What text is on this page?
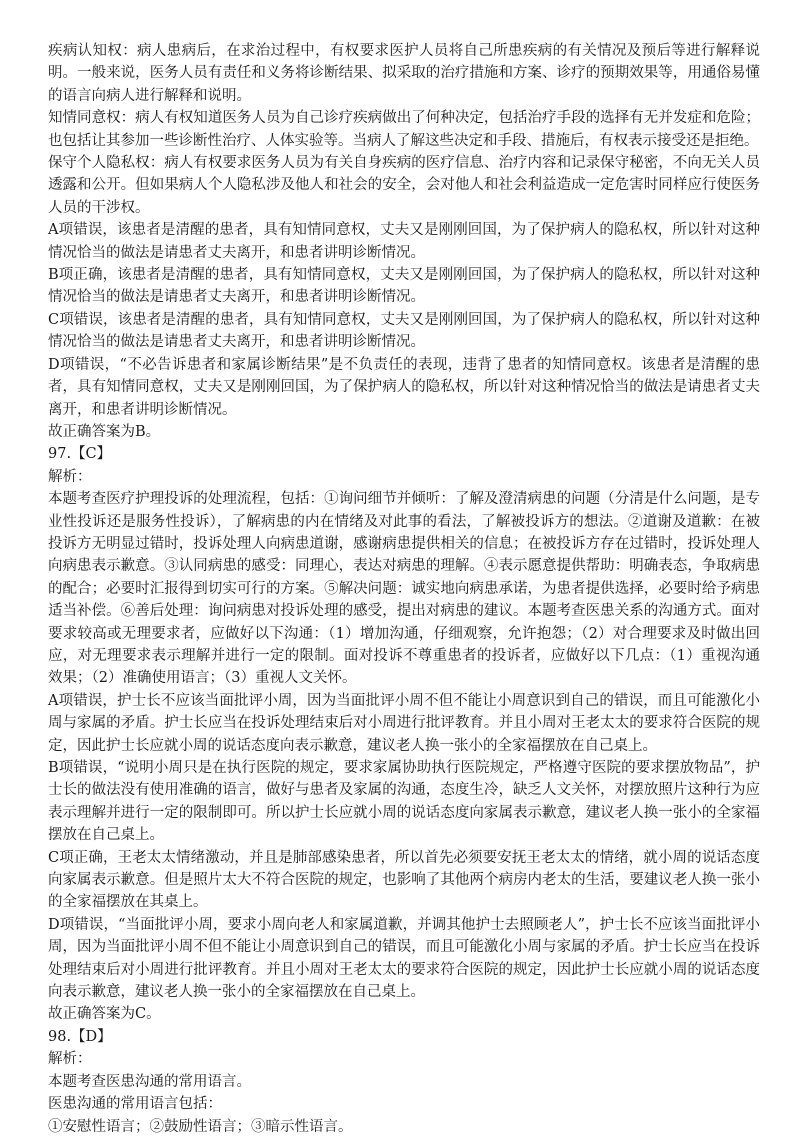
疾病认知权：病人患病后，在求治过程中，有权要求医护人员将自己所患疾病的有关情况及预后等进行解释说明。一般来说，医务人员有责任和义务将诊断结果、拟采取的治疗措施和方案、诊疗的预期效果等，用通俗易懂的语言向病人进行解释和说明。

知情同意权：病人有权知道医务人员为自己诊疗疾病做出了何种决定，包括治疗手段的选择有无并发症和危险；也包括让其参加一些诊断性治疗、人体实验等。当病人了解这些决定和手段、措施后，有权表示接受还是拒绝。

保守个人隐私权：病人有权要求医务人员为有关自身疾病的医疗信息、治疗内容和记录保守秘密，不向无关人员透露和公开。但如果病人个人隐私涉及他人和社会的安全，会对他人和社会利益造成一定危害时同样应行使医务人员的干涉权。

A项错误，该患者是清醒的患者，具有知情同意权，丈夫又是刚刚回国，为了保护病人的隐私权，所以针对这种情况恰当的做法是请患者丈夫离开，和患者讲明诊断情况。

B项正确，该患者是清醒的患者，具有知情同意权，丈夫又是刚刚回国，为了保护病人的隐私权，所以针对这种情况恰当的做法是请患者丈夫离开，和患者讲明诊断情况。

C项错误，该患者是清醒的患者，具有知情同意权，丈夫又是刚刚回国，为了保护病人的隐私权，所以针对这种情况恰当的做法是请患者丈夫离开，和患者讲明诊断情况。

D项错误，“不必告诉患者和家属诊断结果”是不负责任的表现，违背了患者的知情同意权。该患者是清醒的患者，具有知情同意权，丈夫又是刚刚回国，为了保护病人的隐私权，所以针对这种情况恰当的做法是请患者丈夫离开，和患者讲明诊断情况。

故正确答案为B。

97.【C】

解析：

本题考查医疗护理投诉的处理流程，包括：①询问细节并倾听：了解及澄清病患的问题（分清是什么问题，是专业性投诉还是服务性投诉），了解病患的内在情绪及对此事的看法，了解被投诉方的想法。②道谢及道歉：在被投诉方无明显过错时，投诉处理人向病患道谢，感谢病患提供相关的信息；在被投诉方存在过错时，投诉处理人向病患表示歉意。③认同病患的感受：同理心，表达对病患的理解。④表示愿意提供帮助：明确表态，争取病患的配合；必要时汇报得到切实可行的方案。⑤解决问题：诚实地向病患承诺，为患者提供选择，必要时给予病患适当补偿。⑥善后处理：询问病患对投诉处理的感受，提出对病患的建议。本题考查医患关系的沟通方式。面对要求较高或无理要求者，应做好以下沟通：（1）增加沟通，仔细观察，允许抱怨；（2）对合理要求及时做出回应，对无理要求表示理解并进行一定的限制。面对投诉不尊重患者的投诉者，应做好以下几点：（1）重视沟通效果；（2）准确使用语言；（3）重视人文关怀。

A项错误，护士长不应该当面批评小周，因为当面批评小周不但不能让小周意识到自己的错误，而且可能激化小周与家属的矛盾。护士长应当在投诉处理结束后对小周进行批评教育。并且小周对王老太太的要求符合医院的规定，因此护士长应就小周的说话态度向表示歉意，建议老人换一张小的全家福摆放在自己桌上。

B项错误，“说明小周只是在执行医院的规定，要求家属协助执行医院规定，严格遵守医院的要求摆放物品”，护士长的做法没有使用准确的语言，做好与患者及家属的沟通，态度生冷，缺乏人文关怀，对摆放照片这种行为应表示理解并进行一定的限制即可。所以护士长应就小周的说话态度向家属表示歉意，建议老人换一张小的全家福摆放在自己桌上。

C项正确，王老太太情绪激动，并且是肺部感染患者，所以首先必须要安抚王老太太的情绪，就小周的说话态度向家属表示歉意。但是照片太大不符合医院的规定，也影响了其他两个病房内老太的生活，要建议老人换一张小的全家福摆放在其桌上。

D项错误，“当面批评小周，要求小周向老人和家属道歉，并调其他护士去照顾老人”，护士长不应该当面批评小周，因为当面批评小周不但不能让小周意识到自己的错误，而且可能激化小周与家属的矛盾。护士长应当在投诉处理结束后对小周进行批评教育。并且小周对王老太太的要求符合医院的规定，因此护士长应就小周的说话态度向表示歉意，建议老人换一张小的全家福摆放在自己桌上。

故正确答案为C。

98.【D】

解析：

本题考查医患沟通的常用语言。

医患沟通的常用语言包括：

①安慰性语言；②鼓励性语言；③暗示性语言。
